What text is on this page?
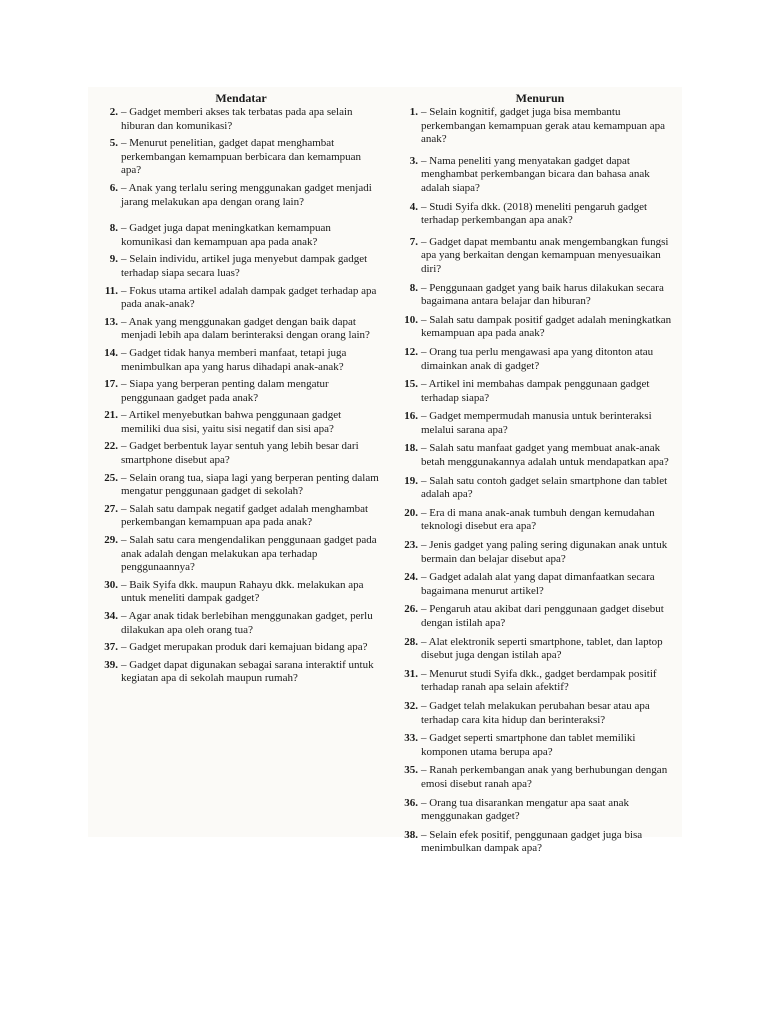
Mendatar
2. – Gadget memberi akses tak terbatas pada apa selain hiburan dan komunikasi?
5. – Menurut penelitian, gadget dapat menghambat perkembangan kemampuan berbicara dan kemampuan apa?
6. – Anak yang terlalu sering menggunakan gadget menjadi jarang melakukan apa dengan orang lain?
8. – Gadget juga dapat meningkatkan kemampuan komunikasi dan kemampuan apa pada anak?
9. – Selain individu, artikel juga menyebut dampak gadget terhadap siapa secara luas?
11. – Fokus utama artikel adalah dampak gadget terhadap apa pada anak-anak?
13. – Anak yang menggunakan gadget dengan baik dapat menjadi lebih apa dalam berinteraksi dengan orang lain?
14. – Gadget tidak hanya memberi manfaat, tetapi juga menimbulkan apa yang harus dihadapi anak-anak?
17. – Siapa yang berperan penting dalam mengatur penggunaan gadget pada anak?
21. – Artikel menyebutkan bahwa penggunaan gadget memiliki dua sisi, yaitu sisi negatif dan sisi apa?
22. – Gadget berbentuk layar sentuh yang lebih besar dari smartphone disebut apa?
25. – Selain orang tua, siapa lagi yang berperan penting dalam mengatur penggunaan gadget di sekolah?
27. – Salah satu dampak negatif gadget adalah menghambat perkembangan kemampuan apa pada anak?
29. – Salah satu cara mengendalikan penggunaan gadget pada anak adalah dengan melakukan apa terhadap penggunaannya?
30. – Baik Syifa dkk. maupun Rahayu dkk. melakukan apa untuk meneliti dampak gadget?
34. – Agar anak tidak berlebihan menggunakan gadget, perlu dilakukan apa oleh orang tua?
37. – Gadget merupakan produk dari kemajuan bidang apa?
39. – Gadget dapat digunakan sebagai sarana interaktif untuk kegiatan apa di sekolah maupun rumah?
Menurun
1. – Selain kognitif, gadget juga bisa membantu perkembangan kemampuan gerak atau kemampuan apa anak?
3. – Nama peneliti yang menyatakan gadget dapat menghambat perkembangan bicara dan bahasa anak adalah siapa?
4. – Studi Syifa dkk. (2018) meneliti pengaruh gadget terhadap perkembangan apa anak?
7. – Gadget dapat membantu anak mengembangkan fungsi apa yang berkaitan dengan kemampuan menyesuaikan diri?
8. – Penggunaan gadget yang baik harus dilakukan secara bagaimana antara belajar dan hiburan?
10. – Salah satu dampak positif gadget adalah meningkatkan kemampuan apa pada anak?
12. – Orang tua perlu mengawasi apa yang ditonton atau dimainkan anak di gadget?
15. – Artikel ini membahas dampak penggunaan gadget terhadap siapa?
16. – Gadget mempermudah manusia untuk berinteraksi melalui sarana apa?
18. – Salah satu manfaat gadget yang membuat anak-anak betah menggunakannya adalah untuk mendapatkan apa?
19. – Salah satu contoh gadget selain smartphone dan tablet adalah apa?
20. – Era di mana anak-anak tumbuh dengan kemudahan teknologi disebut era apa?
23. – Jenis gadget yang paling sering digunakan anak untuk bermain dan belajar disebut apa?
24. – Gadget adalah alat yang dapat dimanfaatkan secara bagaimana menurut artikel?
26. – Pengaruh atau akibat dari penggunaan gadget disebut dengan istilah apa?
28. – Alat elektronik seperti smartphone, tablet, dan laptop disebut juga dengan istilah apa?
31. – Menurut studi Syifa dkk., gadget berdampak positif terhadap ranah apa selain afektif?
32. – Gadget telah melakukan perubahan besar atau apa terhadap cara kita hidup dan berinteraksi?
33. – Gadget seperti smartphone dan tablet memiliki komponen utama berupa apa?
35. – Ranah perkembangan anak yang berhubungan dengan emosi disebut ranah apa?
36. – Orang tua disarankan mengatur apa saat anak menggunakan gadget?
38. – Selain efek positif, penggunaan gadget juga bisa menimbulkan dampak apa?
